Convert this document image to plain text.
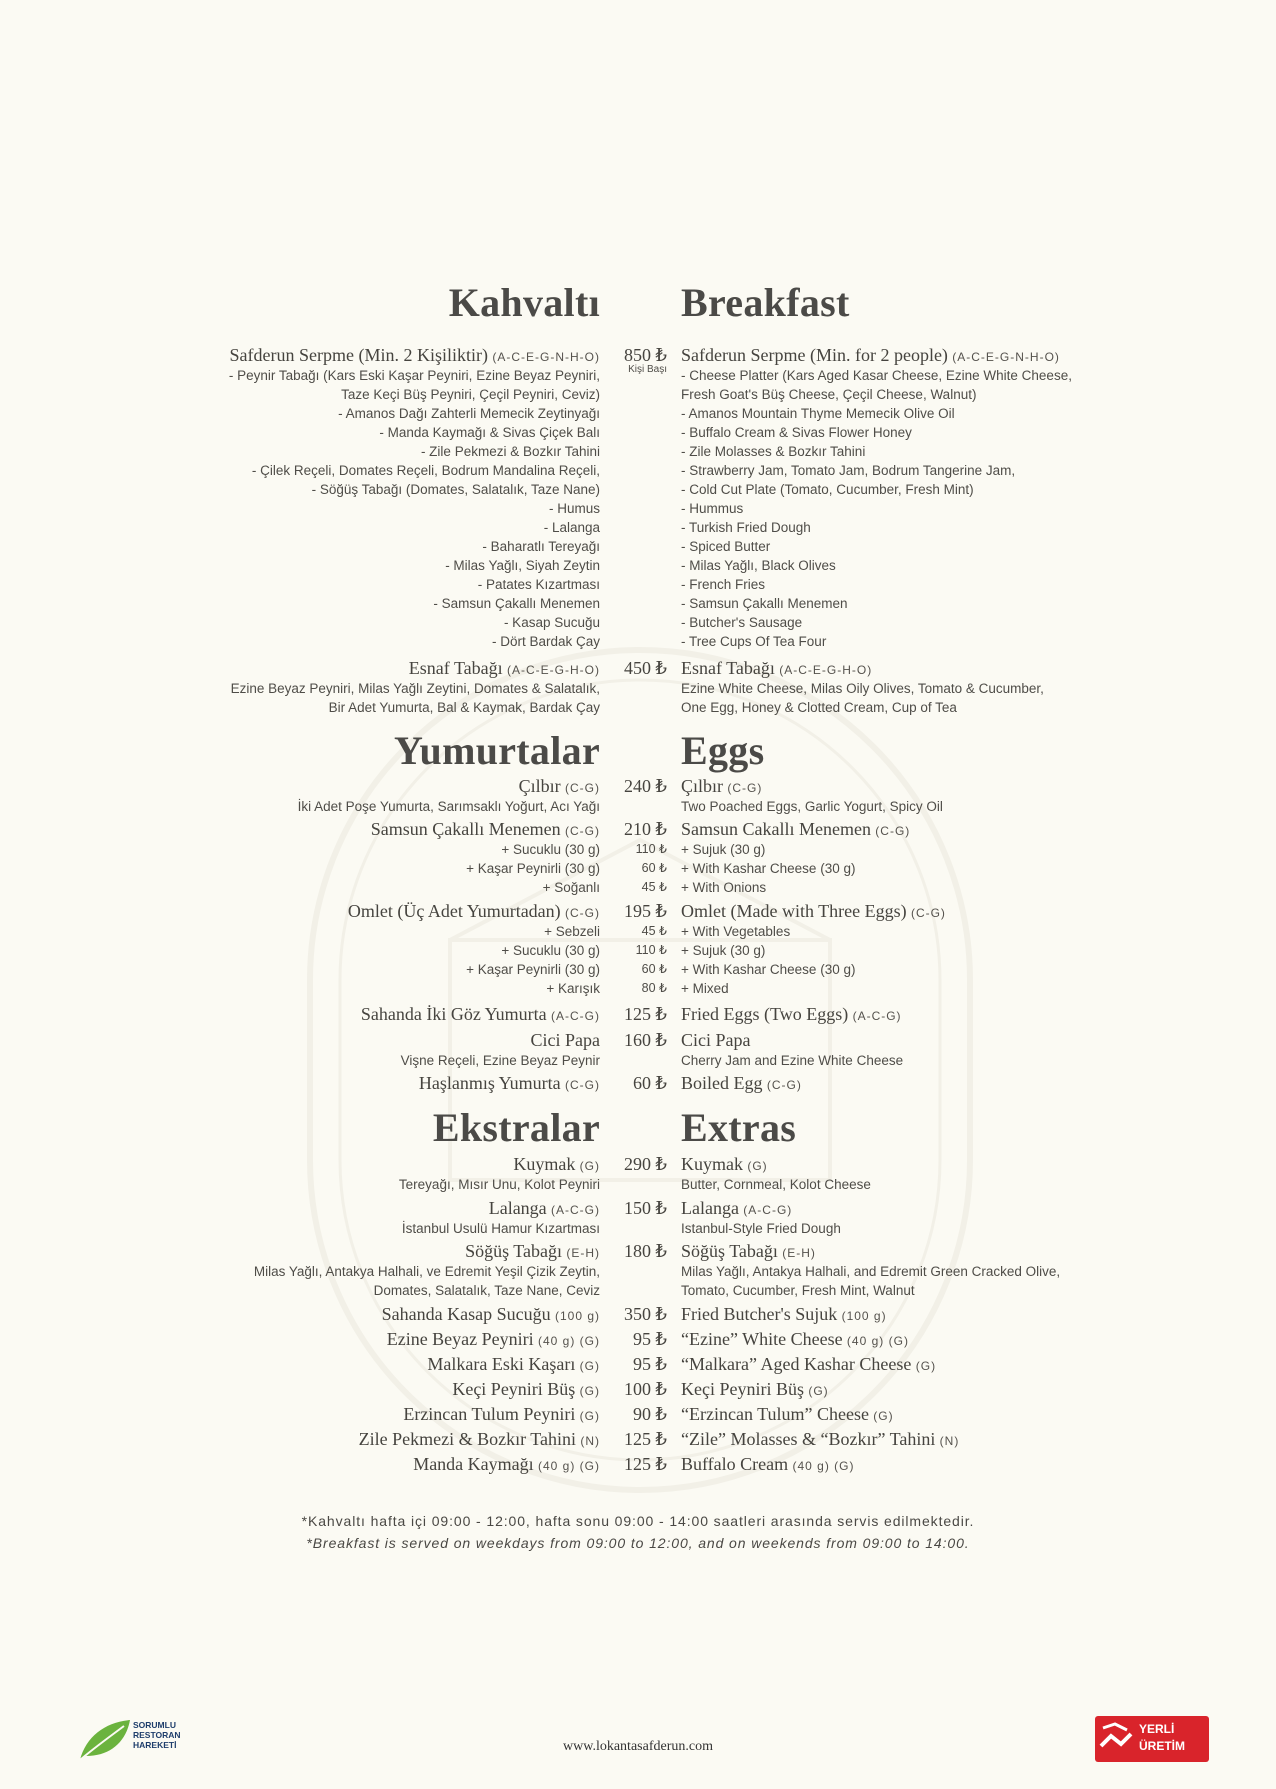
Kahvaltı
Safderun Serpme (Min. 2 Kişiliktir) (A-C-E-G-N-H-O)
- Peynir Tabağı (Kars Eski Kaşar Peyniri, Ezine Beyaz Peyniri,
Taze Keçi Büş Peyniri, Çeçil Peyniri, Ceviz)
- Amanos Dağı Zahterli Memecik Zeytinyağı
- Manda Kaymağı & Sivas Çiçek Balı
- Zile Pekmezi & Bozkır Tahini
- Çilek Reçeli, Domates Reçeli, Bodrum Mandalina Reçeli,
- Söğüş Tabağı (Domates, Salatalık, Taze Nane)
- Humus
- Lalanga
- Baharatlı Tereyağı
- Milas Yağlı, Siyah Zeytin
- Patates Kızartması
- Samsun Çakallı Menemen
- Kasap Sucuğu
- Dört Bardak Çay
Esnaf Tabağı (A-C-E-G-H-O)
Ezine Beyaz Peyniri, Milas Yağlı Zeytini, Domates & Salatalık,
Bir Adet Yumurta, Bal & Kaymak, Bardak Çay
Yumurtalar
Çılbır (C-G)
İki Adet Poşe Yumurta, Sarımsaklı Yoğurt, Acı Yağı
Samsun Çakallı Menemen (C-G)
+ Sucuklu (30 g)
+ Kaşar Peynirli (30 g)
+ Soğanlı
Omlet (Üç Adet Yumurtadan) (C-G)
+ Sebzeli
+ Sucuklu (30 g)
+ Kaşar Peynirli (30 g)
+ Karışık
Sahanda İki Göz Yumurta (A-C-G)
Cici Papa
Vişne Reçeli, Ezine Beyaz Peynir
Haşlanmış Yumurta (C-G)
Ekstralar
Kuymak (G)
Tereyağı, Mısır Unu, Kolot Peyniri
Lalanga (A-C-G)
İstanbul Usulü Hamur Kızartması
Söğüş Tabağı (E-H)
Milas Yağlı, Antakya Halhali, ve Edremit Yeşil Çizik Zeytin,
Domates, Salatalık, Taze Nane, Ceviz
Sahanda Kasap Sucuğu (100 g)
Ezine Beyaz Peyniri (40 g) (G)
Malkara Eski Kaşarı (G)
Keçi Peyniri Büş (G)
Erzincan Tulum Peyniri (G)
Zile Pekmezi & Bozkır Tahini (N)
Manda Kaymağı (40 g) (G)
850 ₺
Kişi Başı
450 ₺
240 ₺
210 ₺
110 ₺
60 ₺
45 ₺
195 ₺
45 ₺
110 ₺
60 ₺
80 ₺
125 ₺
160 ₺
60 ₺
290 ₺
150 ₺
180 ₺
350 ₺
95 ₺
95 ₺
100 ₺
90 ₺
125 ₺
125 ₺
Breakfast
Safderun Serpme (Min. for 2 people) (A-C-E-G-N-H-O)
- Cheese Platter (Kars Aged Kasar Cheese, Ezine White Cheese,
Fresh Goat's Büş Cheese, Çeçil Cheese, Walnut)
- Amanos Mountain Thyme Memecik Olive Oil
- Buffalo Cream & Sivas Flower Honey
- Zile Molasses & Bozkır Tahini
- Strawberry Jam, Tomato Jam, Bodrum Tangerine Jam,
- Cold Cut Plate (Tomato, Cucumber, Fresh Mint)
- Hummus
- Turkish Fried Dough
- Spiced Butter
- Milas Yağlı, Black Olives
- French Fries
- Samsun Çakallı Menemen
- Butcher's Sausage
- Tree Cups Of Tea Four
Esnaf Tabağı (A-C-E-G-H-O)
Ezine White Cheese, Milas Oily Olives, Tomato & Cucumber,
One Egg, Honey & Clotted Cream, Cup of Tea
Eggs
Çılbır (C-G)
Two Poached Eggs, Garlic Yogurt, Spicy Oil
Samsun Cakallı Menemen (C-G)
+ Sujuk (30 g)
+ With Kashar Cheese (30 g)
+ With Onions
Omlet (Made with Three Eggs) (C-G)
+ With Vegetables
+ Sujuk (30 g)
+ With Kashar Cheese (30 g)
+ Mixed
Fried Eggs (Two Eggs) (A-C-G)
Cici Papa
Cherry Jam and Ezine White Cheese
Boiled Egg (C-G)
Extras
Kuymak (G)
Butter, Cornmeal, Kolot Cheese
Lalanga (A-C-G)
Istanbul-Style Fried Dough
Söğüş Tabağı (E-H)
Milas Yağlı, Antakya Halhali, and Edremit Green Cracked Olive,
Tomato, Cucumber, Fresh Mint, Walnut
Fried Butcher's Sujuk (100 g)
“Ezine” White Cheese (40 g) (G)
“Malkara” Aged Kashar Cheese (G)
Keçi Peyniri Büş (G)
“Erzincan Tulum” Cheese (G)
“Zile” Molasses & “Bozkır” Tahini (N)
Buffalo Cream (40 g) (G)
*Kahvaltı hafta içi 09:00 - 12:00, hafta sonu 09:00 - 14:00 saatleri arasında servis edilmektedir.
*Breakfast is served on weekdays from 09:00 to 12:00, and on weekends from 09:00 to 14:00.
SORUMLU
RESTORAN
HAREKETİ	www.lokantasafderun.com
YERLİ
ÜRETİM
